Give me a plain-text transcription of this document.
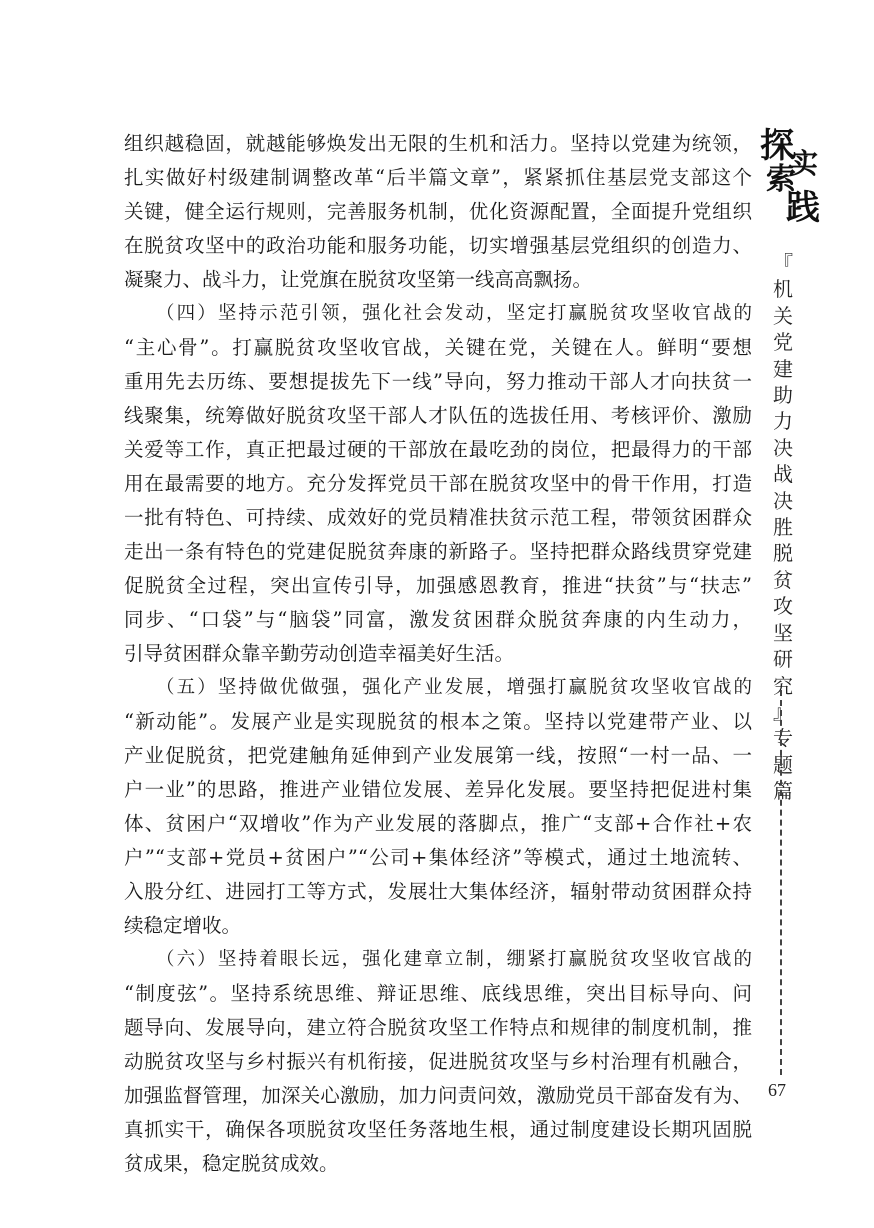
组织越稳固，就越能够焕发出无限的生机和活力。坚持以党建为统领，
扎实做好村级建制调整改革“后半篇文章”，紧紧抓住基层党支部这个
关键，健全运行规则，完善服务机制，优化资源配置，全面提升党组织
在脱贫攻坚中的政治功能和服务功能，切实增强基层党组织的创造力、
凝聚力、战斗力，让党旗在脱贫攻坚第一线高高飘扬。
　　（四）坚持示范引领，强化社会发动，坚定打赢脱贫攻坚收官战的
“主心骨”。打赢脱贫攻坚收官战，关键在党，关键在人。鲜明“要想
重用先去历练、要想提拔先下一线”导向，努力推动干部人才向扶贫一
线聚集，统筹做好脱贫攻坚干部人才队伍的选拔任用、考核评价、激励
关爱等工作，真正把最过硬的干部放在最吃劲的岗位，把最得力的干部
用在最需要的地方。充分发挥党员干部在脱贫攻坚中的骨干作用，打造
一批有特色、可持续、成效好的党员精准扶贫示范工程，带领贫困群众
走出一条有特色的党建促脱贫奔康的新路子。坚持把群众路线贯穿党建
促脱贫全过程，突出宣传引导，加强感恩教育，推进“扶贫”与“扶志”
同步、“口袋”与“脑袋”同富，激发贫困群众脱贫奔康的内生动力，
引导贫困群众靠辛勤劳动创造幸福美好生活。
　　（五）坚持做优做强，强化产业发展，增强打赢脱贫攻坚收官战的
“新动能”。发展产业是实现脱贫的根本之策。坚持以党建带产业、以
产业促脱贫，把党建触角延伸到产业发展第一线，按照“一村一品、一
户一业”的思路，推进产业错位发展、差异化发展。要坚持把促进村集
体、贫困户“双增收”作为产业发展的落脚点，推广“支部+合作社+农
户”“支部+党员+贫困户”“公司+集体经济”等模式，通过土地流转、
入股分红、进园打工等方式，发展壮大集体经济，辐射带动贫困群众持
续稳定增收。
　　（六）坚持着眼长远，强化建章立制，绷紧打赢脱贫攻坚收官战的
“制度弦”。坚持系统思维、辩证思维、底线思维，突出目标导向、问
题导向、发展导向，建立符合脱贫攻坚工作特点和规律的制度机制，推
动脱贫攻坚与乡村振兴有机衔接，促进脱贫攻坚与乡村治理有机融合，
加强监督管理，加深关心激励，加力问责问效，激励党员干部奋发有为、
真抓实干，确保各项脱贫攻坚任务落地生根，通过制度建设长期巩固脱
贫成果，稳定脱贫成效。
探
索
实
践
『
机
关
党
建
助
力
决
战
决
胜
脱
贫
攻
坚
研
究
』
专
题
篇
67
